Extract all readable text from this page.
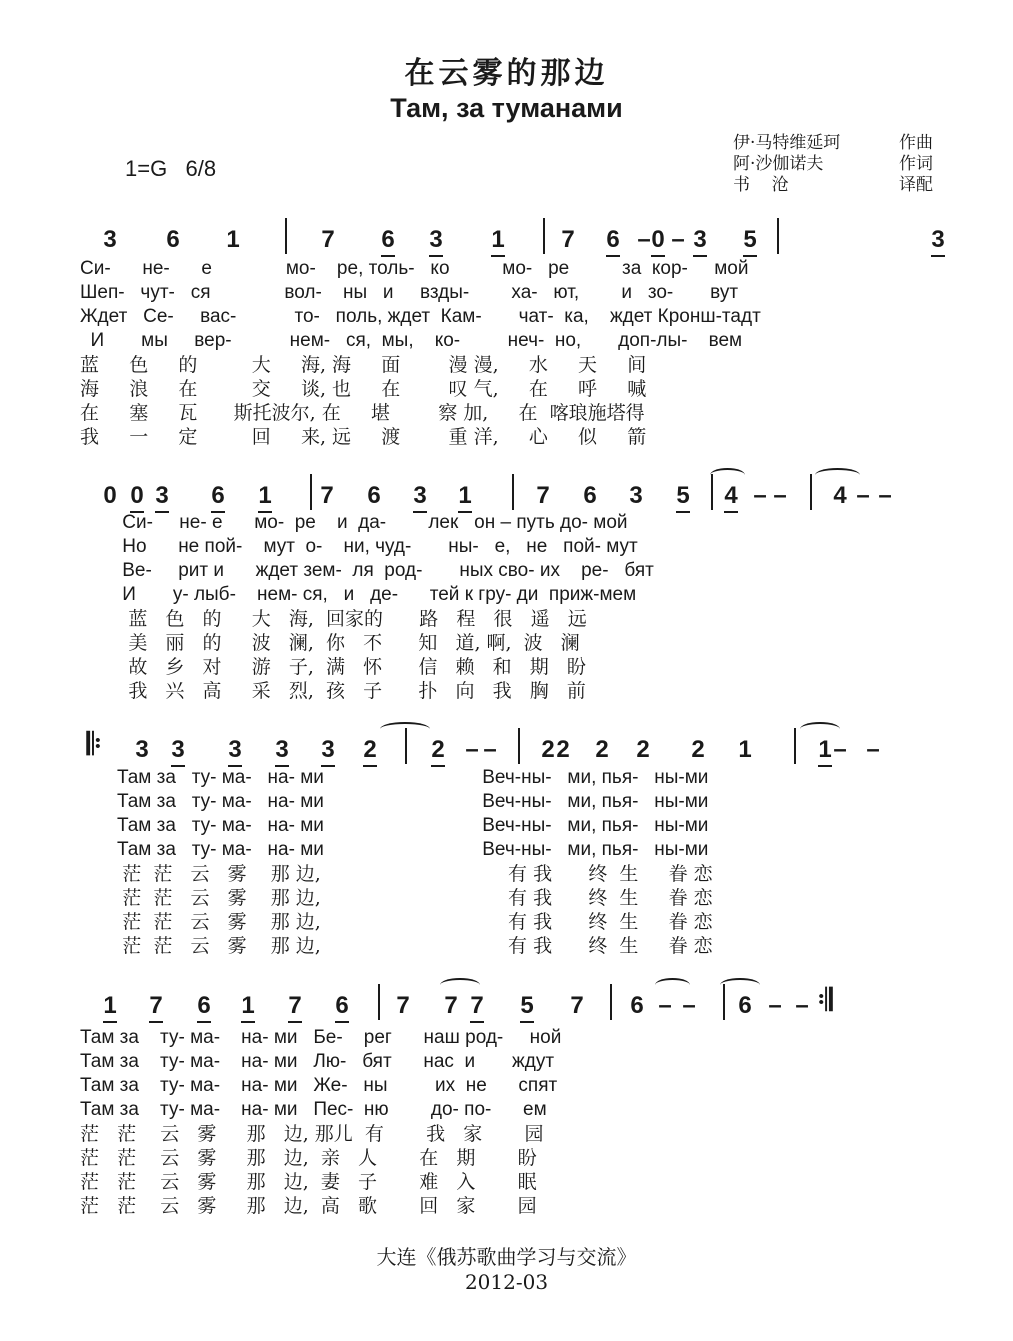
在云雾的那边
Там, за туманами
伊·马特维延珂	作曲
阿·沙伽诺夫	作词
书    沧	译配
1=G   6/8
3 6 1	7 6 3 1 7 6 0 3 5	3
– –
Си-      не-      е              мо-    ре, толь-   ко          мо-   ре          за  кор-     мой
Шеп-   чут-   ся              вол-    ны   и     взды-        ха-   ют,        и   зо-       вут
Ждет   Се-     вас-           то-   поль, ждет  Кам-       чат-  ка,    ждет Кронш-тадт
И       мы     вер-           нем-   ся,  мы,    ко-         неч-  но,       доп-лы-    вем
蓝     色     的         大     海, 海     面        漫 漫,     水     天     间
海     浪     在         交     谈, 也     在        叹 气,     在     呼     喊
在     塞     瓦      斯托波尔, 在     堪        察 加,     在  喀琅施塔得
我     一     定         回     来, 远     渡        重 洋,     心     似     箭
0 0 3 6 1 7 6 3 1	7 6 3 5 4 – – 4 – –
Си-     не- е      мо-  ре    и  да-        лек   он – путь до- мой
Но      не пой-    мут  о-    ни, чуд-       ны-   е,   не   пой- мут
Ве-     рит и      ждет зем-  ля  род-       ных сво- их    ре-   бят
И       у- лыб-    нем- ся,   и   де-      тей к гру- ди  приж-мем
蓝   色   的     大   海,  回家的      路   程   很   遥   远
美   丽   的     波   澜,  你   不      知   道, 啊,  波   澜
故   乡   对     游   子,  满   怀      信   赖   和   期   盼
我   兴   高     采   烈,  孩   子      扑   向   我   胸   前
𝄆 3 3 3 3 3 2 2 – – 2 2 2 2 2 1	1 – –
Там за   ту- ма-   на- ми                              Веч-ны-   ми, пья-   ны-ми
Там за   ту- ма-   на- ми                              Веч-ны-   ми, пья-   ны-ми
Там за   ту- ма-   на- ми                              Веч-ны-   ми, пья-   ны-ми
Там за   ту- ма-   на- ми                              Веч-ны-   ми, пья-   ны-ми
茫  茫   云   雾    那 边,                               有 我      终  生     眷 恋
茫  茫   云   雾    那 边,                               有 我      终  生     眷 恋
茫  茫   云   雾    那 边,                               有 我      终  生     眷 恋
茫  茫   云   雾    那 边,                               有 我      终  生     眷 恋
1 7 6 1 7 6 7 7 7 5 7 6 – – 6 – – 𝄇
Там за    ту- ма-    на- ми   Бе-    рег      наш род-     ной
Там за    ту- ма-    на- ми   Лю-   бят      нас  и       ждут
Там за    ту- ма-    на- ми   Же-   ны         их  не      спят
Там за    ту- ма-    на- ми   Пес-  ню        до- по-      ем
茫   茫    云   雾     那   边, 那儿  有       我   家       园
茫   茫    云   雾     那   边,  亲   人       在   期       盼
茫   茫    云   雾     那   边,  妻   子       难   入       眠
茫   茫    云   雾     那   边,  高   歌       回   家       园
大连《俄苏歌曲学习与交流》
2012-03
